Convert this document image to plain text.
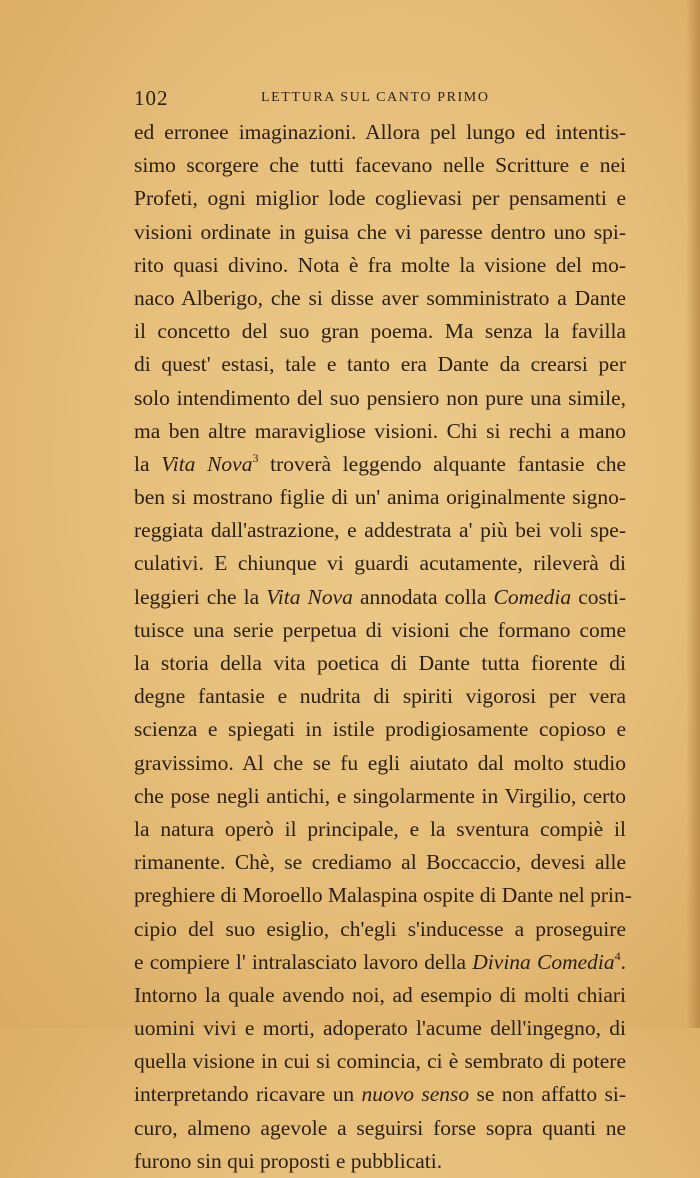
102	LETTURA SUL CANTO PRIMO
ed erronee imaginazioni. Allora pel lungo ed intentis-
simo scorgere che tutti facevano nelle Scritture e nei
Profeti, ogni miglior lode coglievasi per pensamenti e
visioni ordinate in guisa che vi paresse dentro uno spi-
rito quasi divino. Nota è fra molte la visione del mo-
naco Alberigo, che si disse aver somministrato a Dante
il concetto del suo gran poema. Ma senza la favilla
di quest' estasi, tale e tanto era Dante da crearsi per
solo intendimento del suo pensiero non pure una simile,
ma ben altre maravigliose visioni. Chi si rechi a mano
la Vita Nova$^3$ troverà leggendo alquante fantasie che
ben si mostrano figlie di un' anima originalmente signo-
reggiata dall'astrazione, e addestrata a' più bei voli spe-
culativi. E chiunque vi guardi acutamente, rileverà di
leggieri che la Vita Nova annodata colla Comedia costi-
tuisce una serie perpetua di visioni che formano come
la storia della vita poetica di Dante tutta fiorente di
degne fantasie e nudrita di spiriti vigorosi per vera
scienza e spiegati in istile prodigiosamente copioso e
gravissimo. Al che se fu egli aiutato dal molto studio
che pose negli antichi, e singolarmente in Virgilio, certo
la natura operò il principale, e la sventura compiè il
rimanente. Chè, se crediamo al Boccaccio, devesi alle
preghiere di Moroello Malaspina ospite di Dante nel prin-
cipio del suo esiglio, ch'egli s'inducesse a proseguire
e compiere l' intralasciato lavoro della Divina Comedia$^4$.
Intorno la quale avendo noi, ad esempio di molti chiari
uomini vivi e morti, adoperato l'acume dell'ingegno, di
quella visione in cui si comincia, ci è sembrato di potere
interpretando ricavare un nuovo senso se non affatto si-
curo, almeno agevole a seguirsi forse sopra quanti ne
furono sin qui proposti e pubblicati.
